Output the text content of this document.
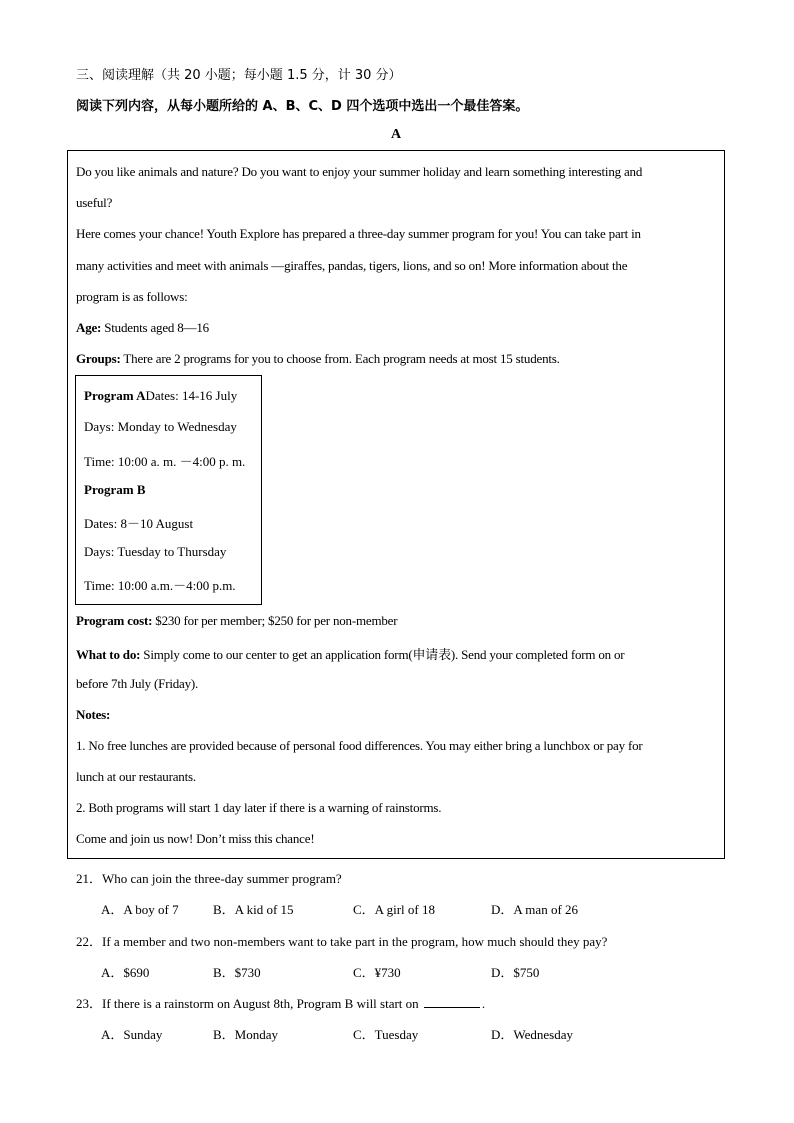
三、阅读理解（共 20 小题；每小题 1.5 分，计 30 分）
阅读下列内容，从每小题所给的 A、B、C、D 四个选项中选出一个最佳答案。
A
Do you like animals and nature? Do you want to enjoy your summer holiday and learn something interesting and
useful?
Here comes your chance! Youth Explore has prepared a three-day summer program for you! You can take part in
many activities and meet with animals —giraffes, pandas, tigers, lions, and so on! More information about the
program is as follows:
Age: Students aged 8—16
Groups: There are 2 programs for you to choose from. Each program needs at most 15 students.
Program ADates: 14-16 July
Days: Monday to Wednesday
Time: 10:00 a. m. －4:00 p. m.
Program B
Dates: 8－10 August
Days: Tuesday to Thursday
Time: 10:00 a.m.－4:00 p.m.
Program cost: $230 for per member; $250 for per non-member
What to do: Simply come to our center to get an application form(申请表). Send your completed form on or
before 7th July (Friday).
Notes:
1. No free lunches are provided because of personal food differences. You may either bring a lunchbox or pay for
lunch at our restaurants.
2. Both programs will start 1 day later if there is a warning of rainstorms.
Come and join us now! Don’t miss this chance!
21．Who can join the three-day summer program?
A．A boy of 7	B．A kid of 15	C．A girl of 18	D．A man of 26
22．If a member and two non-members want to take part in the program, how much should they pay?
A．$690	B．$730	C．¥730	D．$750
23．If there is a rainstorm on August 8th, Program B will start on	.
A．Sunday	B．Monday	C．Tuesday	D．Wednesday
